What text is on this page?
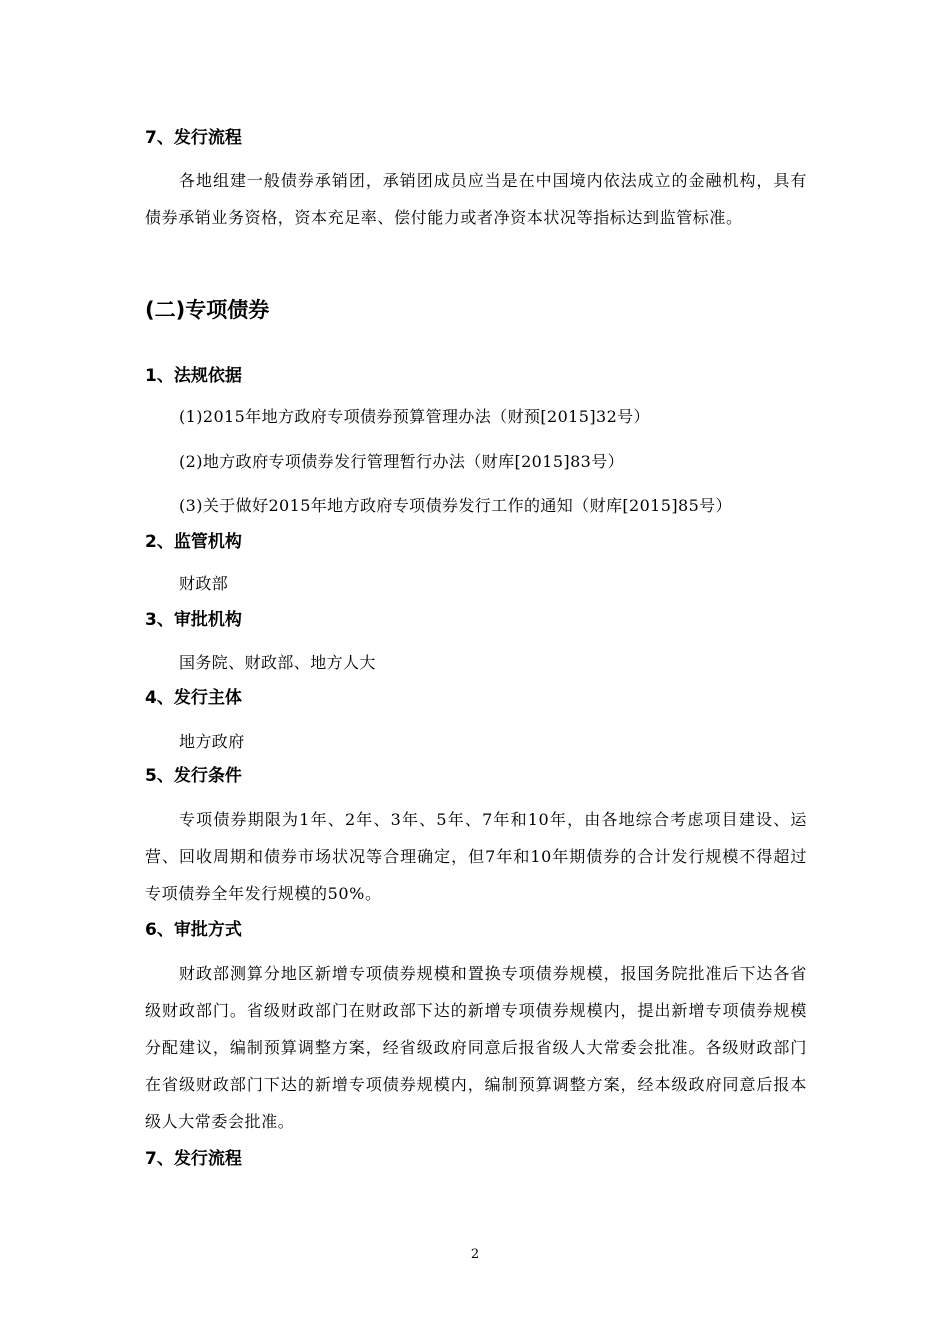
7、发行流程
各地组建一般债券承销团，承销团成员应当是在中国境内依法成立的金融机构，具有债券承销业务资格，资本充足率、偿付能力或者净资本状况等指标达到监管标准。
(二)专项债券
1、法规依据
(1)2015年地方政府专项债券预算管理办法（财预[2015]32号）
(2)地方政府专项债券发行管理暂行办法（财库[2015]83号）
(3)关于做好2015年地方政府专项债券发行工作的通知（财库[2015]85号）
2、监管机构
财政部
3、审批机构
国务院、财政部、地方人大
4、发行主体
地方政府
5、发行条件
专项债券期限为1年、2年、3年、5年、7年和10年，由各地综合考虑项目建设、运营、回收周期和债券市场状况等合理确定，但7年和10年期债券的合计发行规模不得超过专项债券全年发行规模的50%。
6、审批方式
财政部测算分地区新增专项债券规模和置换专项债券规模，报国务院批准后下达各省级财政部门。省级财政部门在财政部下达的新增专项债券规模内，提出新增专项债券规模分配建议，编制预算调整方案，经省级政府同意后报省级人大常委会批准。各级财政部门在省级财政部门下达的新增专项债券规模内，编制预算调整方案，经本级政府同意后报本级人大常委会批准。
7、发行流程
2
